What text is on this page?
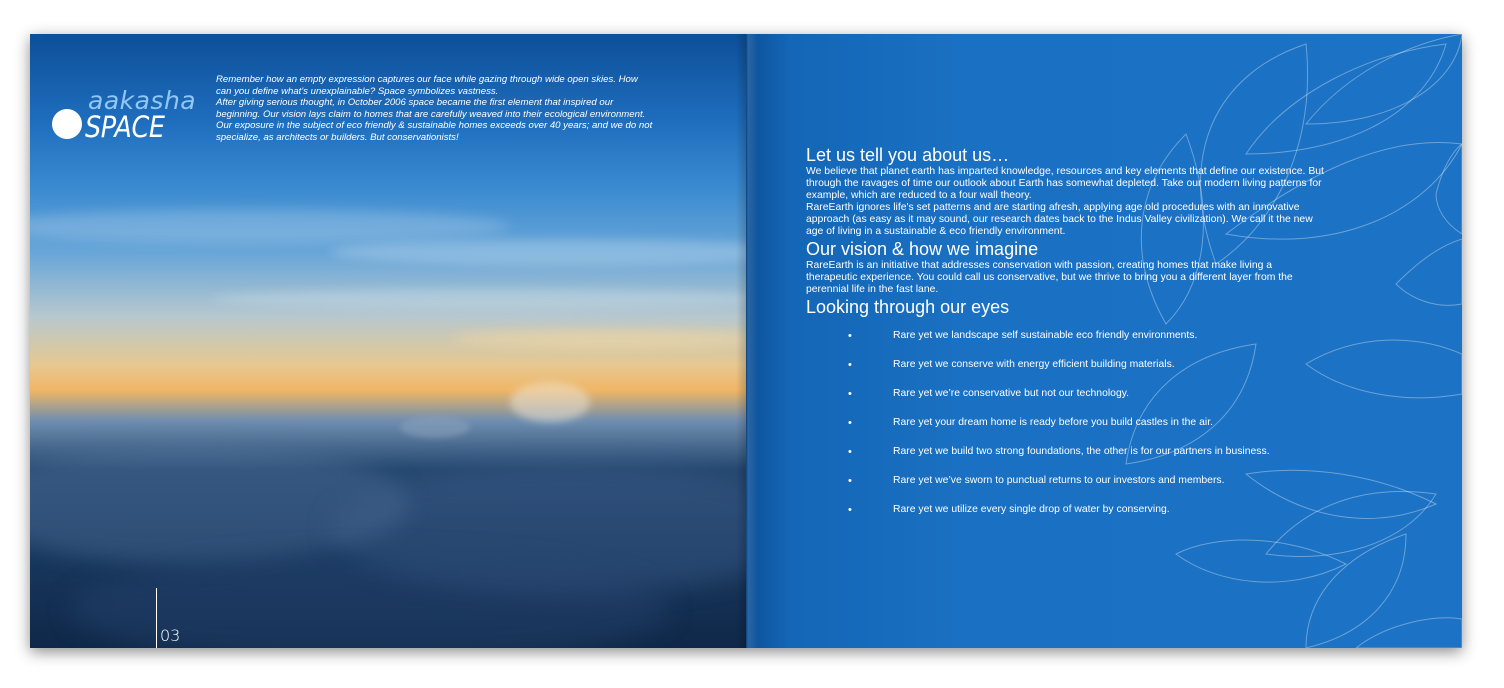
aakasha
SPACE

Remember how an empty expression captures our face while gazing through wide open skies. How

can you define what's unexplainable? Space symbolizes vastness.

After giving serious thought, in October 2006 space became the first element that inspired our

beginning. Our vision lays claim to homes that are carefully weaved into their ecological environment.

Our exposure in the subject of eco friendly & sustainable homes exceeds over 40 years; and we do not

specialize, as architects or builders. But conservationists!

03
Let us tell you about us…

We believe that planet earth has imparted knowledge, resources and key elements that define our existence. But

through the ravages of time our outlook about Earth has somewhat depleted. Take our modern living patterns for

example, which are reduced to a four wall theory.

RareEarth ignores life's set patterns and are starting afresh, applying age old procedures with an innovative

approach (as easy as it may sound, our research dates back to the Indus Valley civilization). We call it the new

age of living in a sustainable & eco friendly environment.

Our vision & how we imagine

RareEarth is an initiative that addresses conservation with passion, creating homes that make living a

therapeutic experience. You could call us conservative, but we thrive to bring you a different layer from the

perennial life in the fast lane.

Looking through our eyes
• Rare yet we landscape self sustainable eco friendly environments.
• Rare yet we conserve with energy efficient building materials.
• Rare yet we’re conservative but not our technology.
• Rare yet your dream home is ready before you build castles in the air.
• Rare yet we build two strong foundations, the other is for our partners in business.
• Rare yet we’ve sworn to punctual returns to our investors and members.
• Rare yet we utilize every single drop of water by conserving.
